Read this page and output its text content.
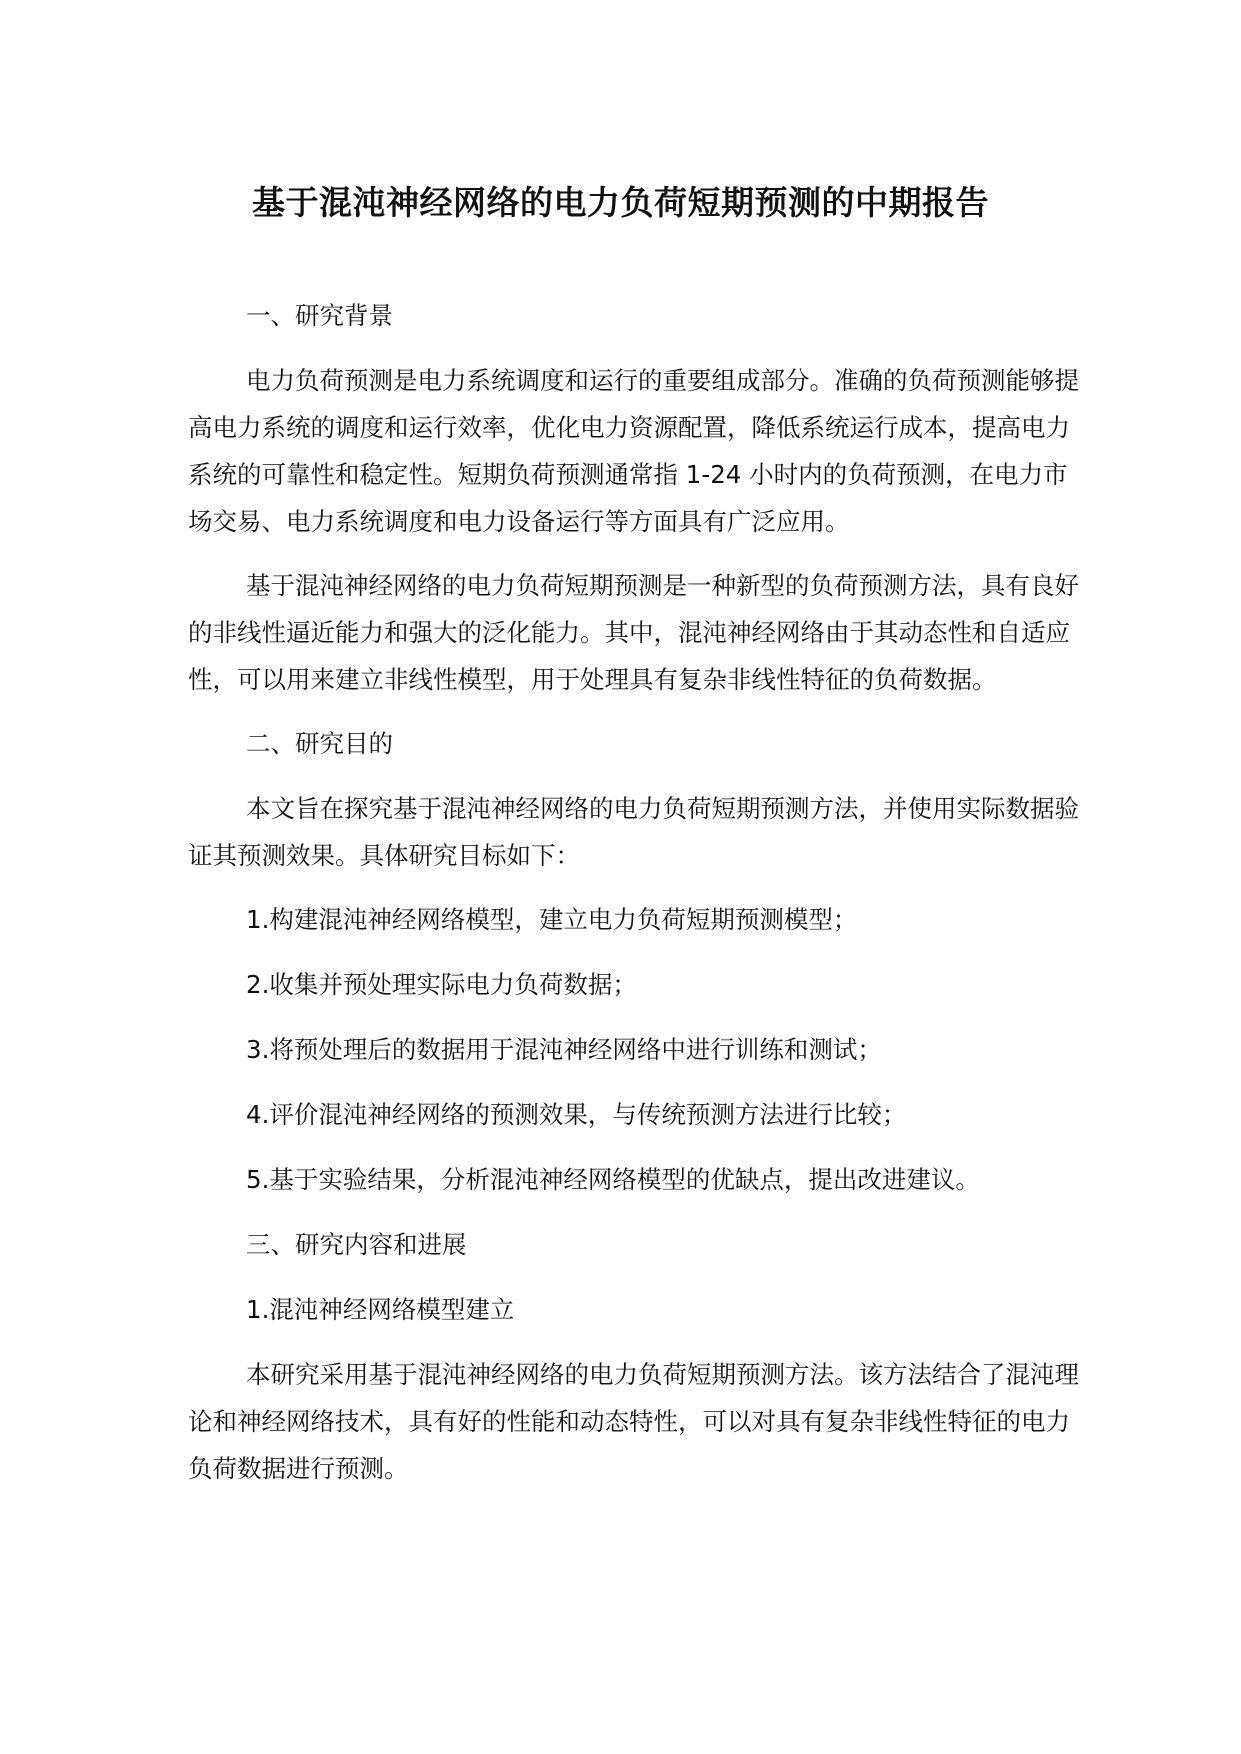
基于混沌神经网络的电力负荷短期预测的中期报告
一、研究背景
电力负荷预测是电力系统调度和运行的重要组成部分。准确的负荷预测能够提高电力系统的调度和运行效率，优化电力资源配置，降低系统运行成本，提高电力系统的可靠性和稳定性。短期负荷预测通常指 1-24 小时内的负荷预测，在电力市场交易、电力系统调度和电力设备运行等方面具有广泛应用。
基于混沌神经网络的电力负荷短期预测是一种新型的负荷预测方法，具有良好的非线性逼近能力和强大的泛化能力。其中，混沌神经网络由于其动态性和自适应性，可以用来建立非线性模型，用于处理具有复杂非线性特征的负荷数据。
二、研究目的
本文旨在探究基于混沌神经网络的电力负荷短期预测方法，并使用实际数据验证其预测效果。具体研究目标如下：
1.构建混沌神经网络模型，建立电力负荷短期预测模型；
2.收集并预处理实际电力负荷数据；
3.将预处理后的数据用于混沌神经网络中进行训练和测试；
4.评价混沌神经网络的预测效果，与传统预测方法进行比较；
5.基于实验结果，分析混沌神经网络模型的优缺点，提出改进建议。
三、研究内容和进展
1.混沌神经网络模型建立
本研究采用基于混沌神经网络的电力负荷短期预测方法。该方法结合了混沌理论和神经网络技术，具有好的性能和动态特性，可以对具有复杂非线性特征的电力负荷数据进行预测。
